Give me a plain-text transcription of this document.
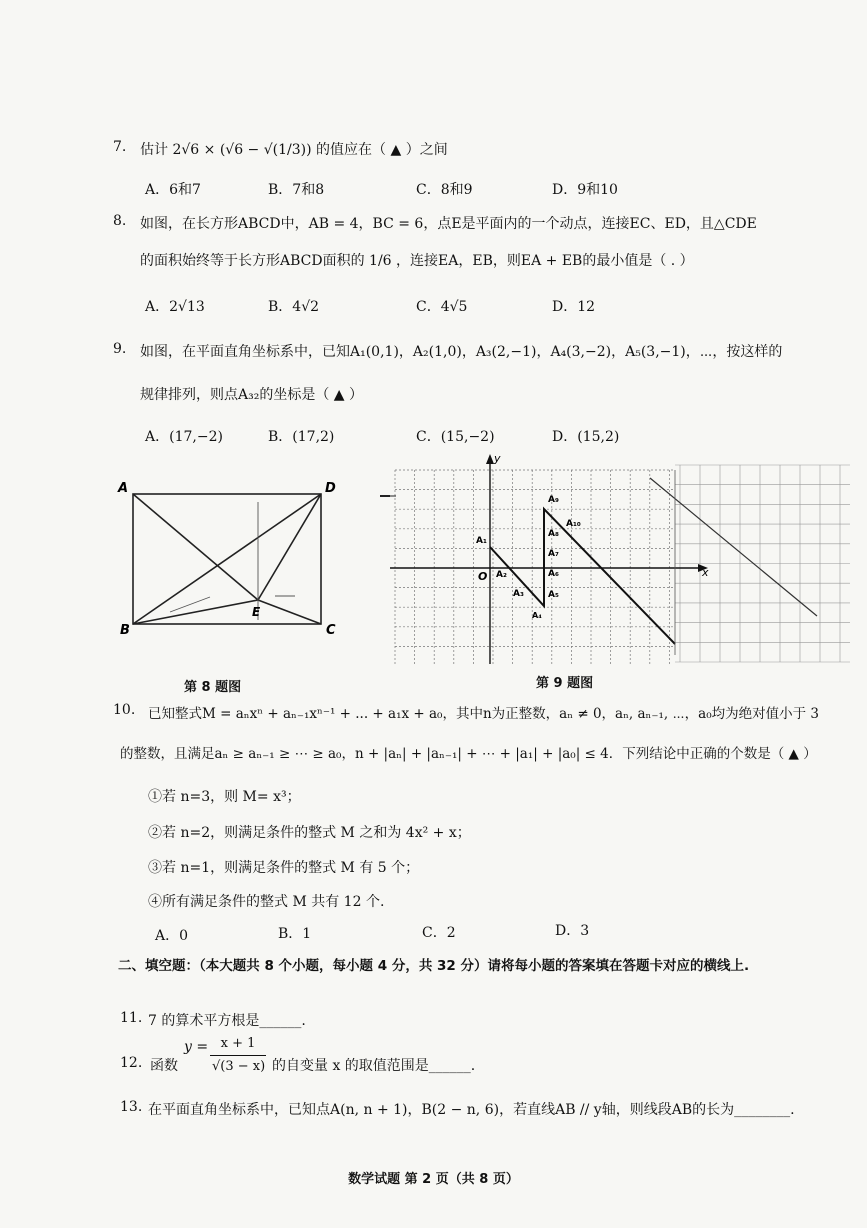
7. 估计 2√6 × (√6 − √(1/3)) 的值应在（ ▲ ）之间
A．6和7	B．7和8	C．8和9	D．9和10
8. 如图，在长方形ABCD中，AB = 4，BC = 6，点E是平面内的一个动点，连接EC、ED，且△CDE
的面积始终等于长方形ABCD面积的 1/6 ，连接EA，EB，则EA + EB的最小值是（ . ）
A．2√13	B．4√2	C．4√5	D．12
9. 如图，在平面直角坐标系中，已知A₁(0,1)，A₂(1,0)，A₃(2,−1)，A₄(3,−2)，A₅(3,−1)，⋯，按这样的
规律排列，则点A₃₂的坐标是（ ▲ ）
A．(17,−2)	B．(17,2)	C．(15,−2)	D．(15,2)
A	D
B	C
E
第 8 题图
y
x
O
A₁
A₂
A₃
A₄
A₅
A₆
A₇
A₈
A₉
A₁₀
第 9 题图
10. 已知整式M = aₙxⁿ + aₙ₋₁xⁿ⁻¹ + ... + a₁x + a₀，其中n为正整数，aₙ ≠ 0，aₙ, aₙ₋₁, ⋯，a₀均为绝对值小于 3
的整数，且满足aₙ ≥ aₙ₋₁ ≥ ⋯ ≥ a₀，n + |aₙ| + |aₙ₋₁| + ⋯ + |a₁| + |a₀| ≤ 4．下列结论中正确的个数是（ ▲ ）
①若 n=3，则 M= x³；
②若 n=2，则满足条件的整式 M 之和为 4x² + x；
③若 n=1，则满足条件的整式 M 有 5 个；
④所有满足条件的整式 M 共有 12 个.
A．0	B．1	C．2	D．3
二、填空题：（本大题共 8 个小题，每小题 4 分，共 32 分）请将每小题的答案填在答题卡对应的横线上.
11. 7 的算术平方根是______.
12. 函数
y = x + 1
√(3 − x) 的自变量 x 的取值范围是______.
13. 在平面直角坐标系中，已知点A(n, n + 1)，B(2 − n, 6)，若直线AB // y轴，则线段AB的长为________.
数学试题 第 2 页（共 8 页）
